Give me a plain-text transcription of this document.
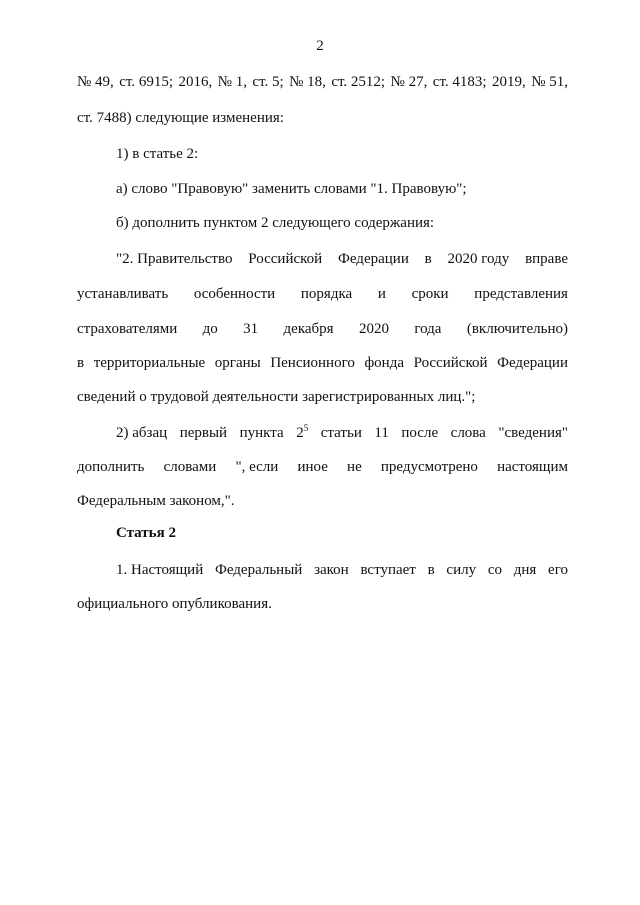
2
№ 49, ст. 6915; 2016, № 1, ст. 5; № 18, ст. 2512; № 27, ст. 4183; 2019, № 51,
ст. 7488) следующие изменения:
1) в статье 2:
а) слово "Правовую" заменить словами "1. Правовую";
б) дополнить пунктом 2 следующего содержания:
"2. Правительство Российской Федерации в 2020 году вправе
устанавливать особенности порядка и сроки представления
страхователями до 31 декабря 2020 года (включительно)
в территориальные органы Пенсионного фонда Российской Федерации
сведений о трудовой деятельности зарегистрированных лиц.";
2) абзац первый пункта $2^5$ статьи 11 после слова "сведения"
дополнить словами ", если иное не предусмотрено настоящим
Федеральным законом,".
Статья 2
1. Настоящий Федеральный закон вступает в силу со дня его
официального опубликования.
